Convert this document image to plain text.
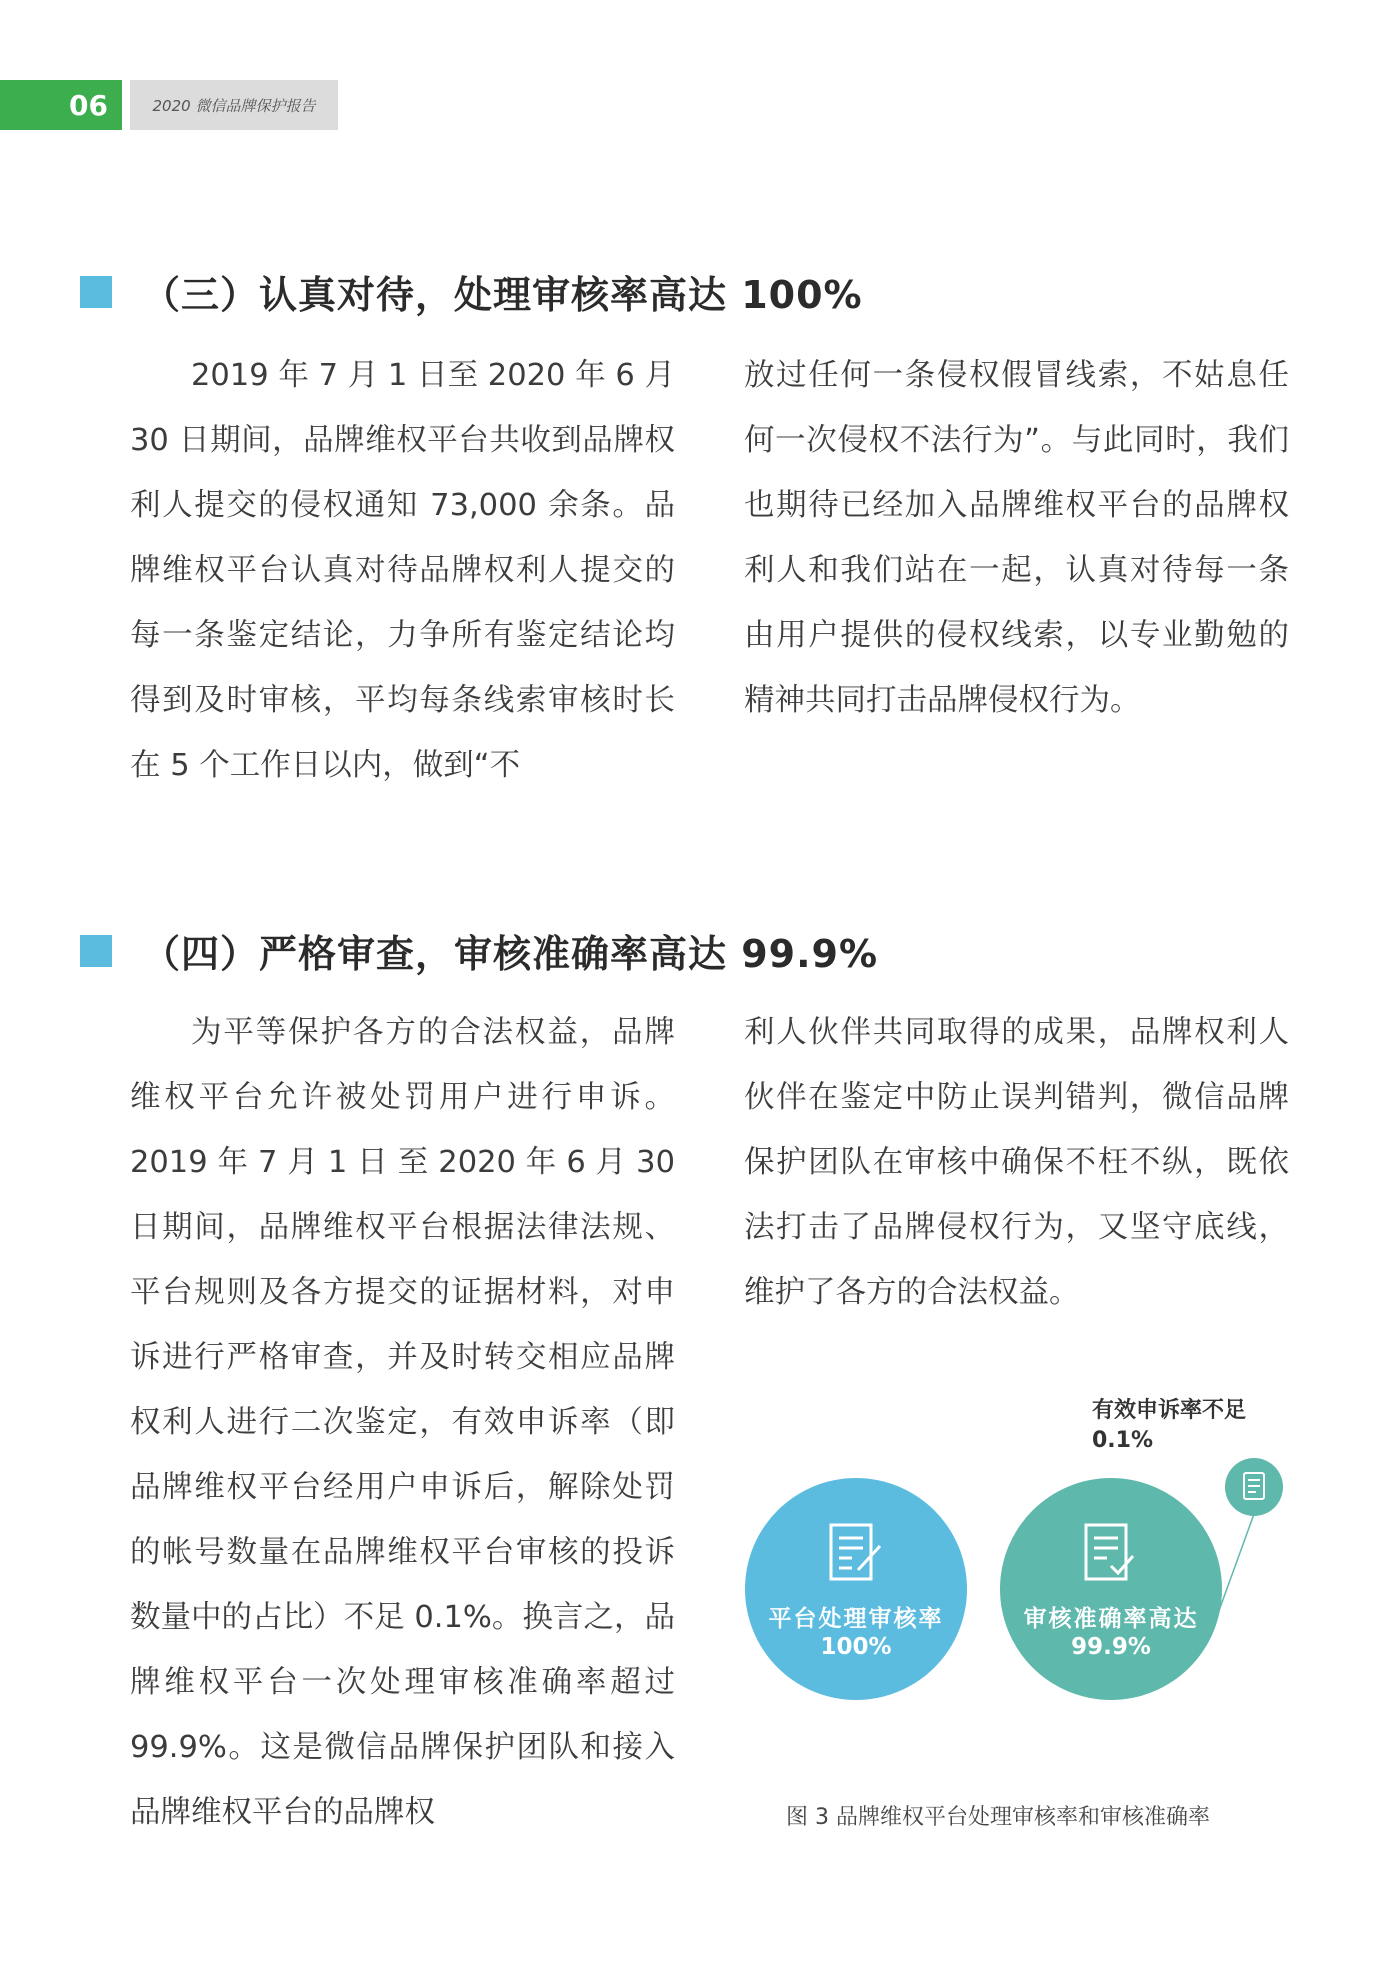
06	2020 微信品牌保护报告
（三）认真对待，处理审核率高达 100%

2019 年 7 月 1 日至 2020 年 6 月 30 日期间，品牌维权平台共收到品牌权利人提交的侵权通知 73,000 余条。品牌维权平台认真对待品牌权利人提交的每一条鉴定结论，力争所有鉴定结论均得到及时审核，平均每条线索审核时长在 5 个工作日以内，做到“不

放过任何一条侵权假冒线索，不姑息任何一次侵权不法行为”。与此同时，我们也期待已经加入品牌维权平台的品牌权利人和我们站在一起，认真对待每一条由用户提供的侵权线索，以专业勤勉的精神共同打击品牌侵权行为。

（四）严格审查，审核准确率高达 99.9%

为平等保护各方的合法权益，品牌维权平台允许被处罚用户进行申诉。2019 年 7 月 1 日 至 2020 年 6 月 30 日期间，品牌维权平台根据法律法规、平台规则及各方提交的证据材料，对申诉进行严格审查，并及时转交相应品牌权利人进行二次鉴定，有效申诉率（即品牌维权平台经用户申诉后，解除处罚的帐号数量在品牌维权平台审核的投诉数量中的占比）不足 0.1%。换言之，品牌维权平台一次处理审核准确率超过 99.9%。这是微信品牌保护团队和接入品牌维权平台的品牌权

利人伙伴共同取得的成果，品牌权利人伙伴在鉴定中防止误判错判，微信品牌保护团队在审核中确保不枉不纵，既依法打击了品牌侵权行为，又坚守底线，维护了各方的合法权益。

有效申诉率不足 0.1%
平台处理审核率
100%
审核准确率高达
99.9%
图 3 品牌维权平台处理审核率和审核准确率
